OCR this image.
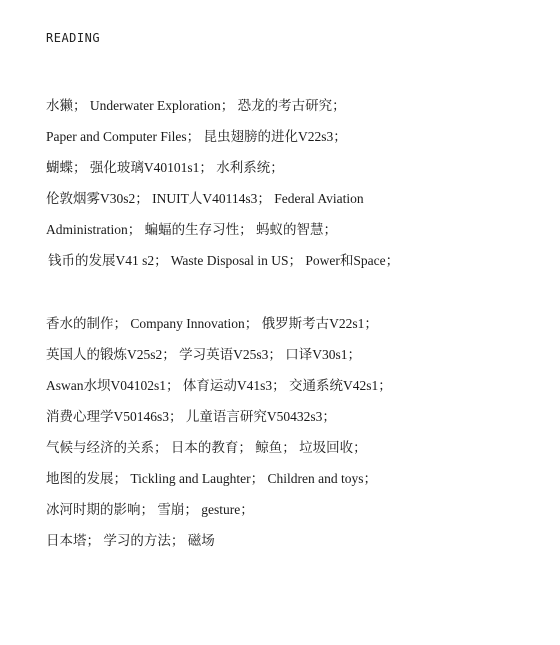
READING
水獭； Underwater Exploration； 恐龙的考古研究；
Paper and Computer Files； 昆虫翅膀的进化V22s3；
蝴蝶； 强化玻璃V40101s1； 水利系统；
伦敦烟雾V30s2； INUIT人V40114s3； Federal Aviation
Administration； 蝙蝠的生存习性； 蚂蚁的智慧；
钱币的发展V41 s2； Waste Disposal in US； Power和Space；
香水的制作； Company Innovation； 俄罗斯考古V22s1；
英国人的锻炼V25s2； 学习英语V25s3； 口译V30s1；
Aswan水坝V04102s1； 体育运动V41s3； 交通系统V42s1；
消费心理学V50146s3； 儿童语言研究V50432s3；
气候与经济的关系； 日本的教育； 鲸鱼； 垃圾回收；
地图的发展； Tickling and Laughter； Children and toys；
冰河时期的影响； 雪崩； gesture；
日本塔； 学习的方法； 磁场
